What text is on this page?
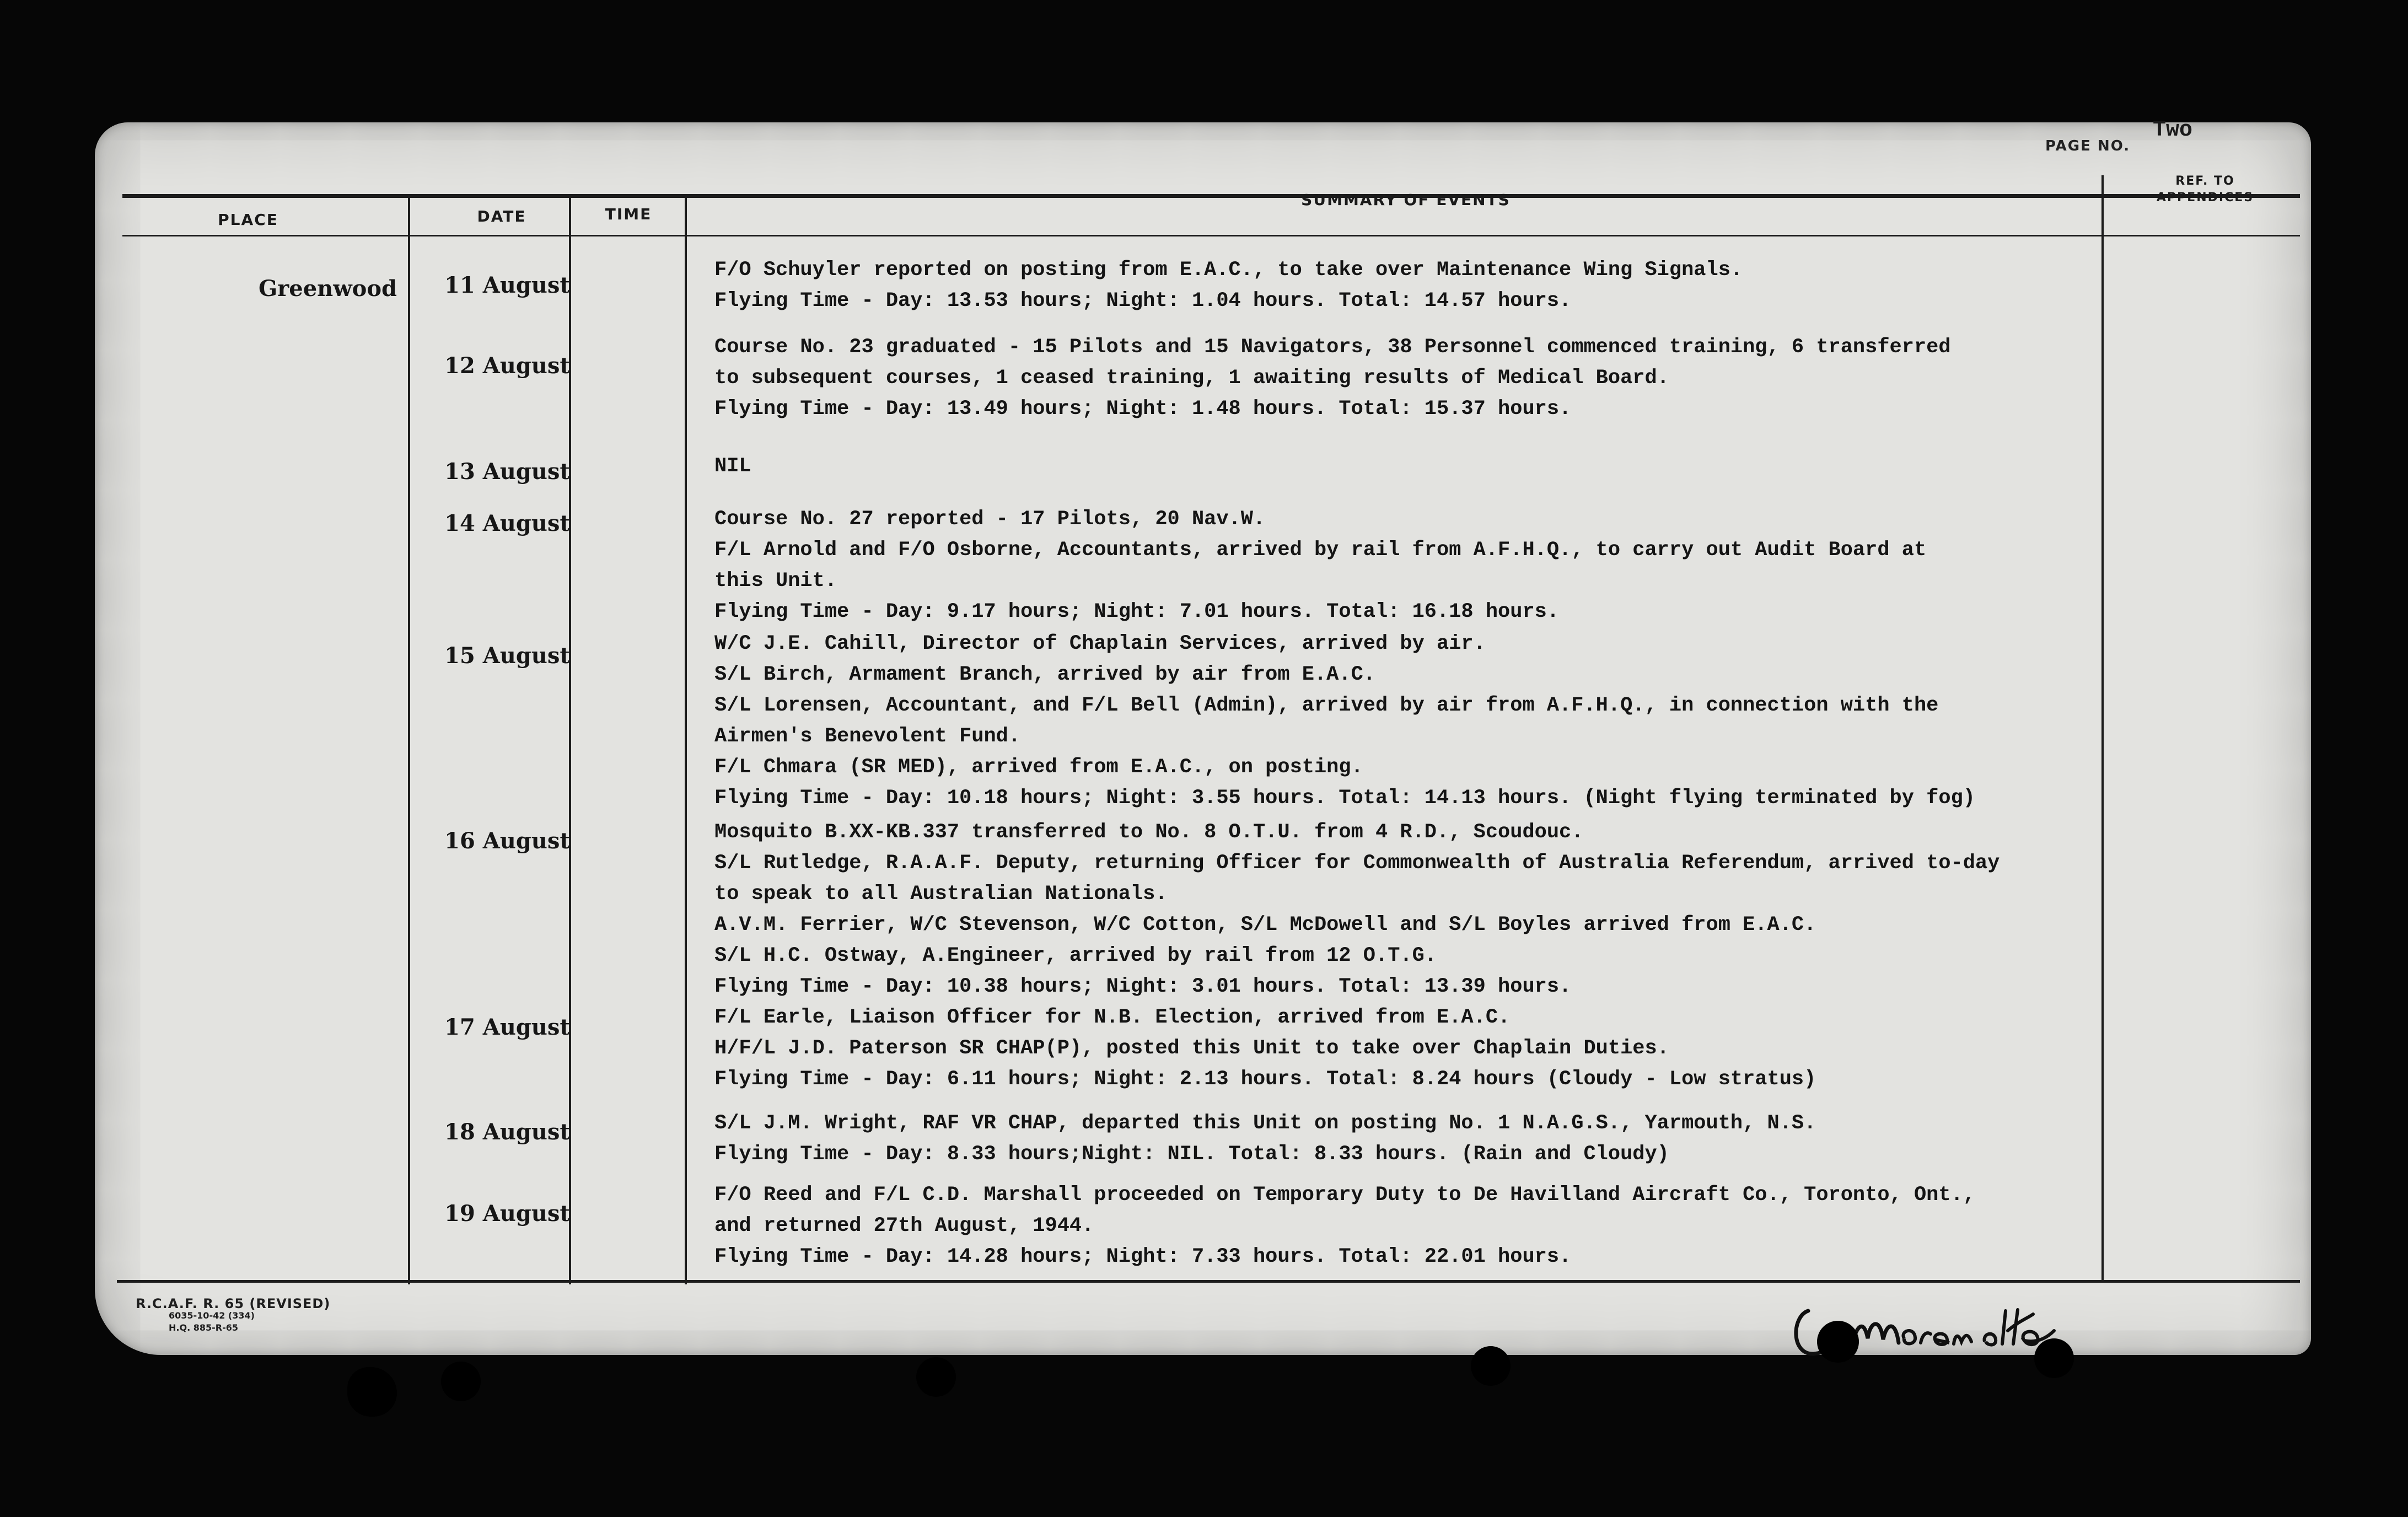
PAGE NO.
Two
PLACE	DATE	TIME
SUMMARY OF EVENTS
REF. TO
APPENDICES
Greenwood	11 August
F/O Schuyler reported on posting from E.A.C., to take over Maintenance Wing Signals.
Flying Time - Day: 13.53 hours; Night: 1.04 hours. Total: 14.57 hours.
12 August
Course No. 23 graduated - 15 Pilots and 15 Navigators, 38 Personnel commenced training, 6 transferred
to subsequent courses, 1 ceased training, 1 awaiting results of Medical Board.
Flying Time - Day: 13.49 hours; Night: 1.48 hours. Total: 15.37 hours.
13 August	NIL
14 August	Course No. 27 reported - 17 Pilots, 20 Nav.W.
F/L Arnold and F/O Osborne, Accountants, arrived by rail from A.F.H.Q., to carry out Audit Board at
this Unit.
Flying Time - Day: 9.17 hours; Night: 7.01 hours. Total: 16.18 hours.
15 August	W/C J.E. Cahill, Director of Chaplain Services, arrived by air.
S/L Birch, Armament Branch, arrived by air from E.A.C.
S/L Lorensen, Accountant, and F/L Bell (Admin), arrived by air from A.F.H.Q., in connection with the
Airmen's Benevolent Fund.
F/L Chmara (SR MED), arrived from E.A.C., on posting.
Flying Time - Day: 10.18 hours; Night: 3.55 hours. Total: 14.13 hours. (Night flying terminated by fog)
16 August	Mosquito B.XX-KB.337 transferred to No. 8 O.T.U. from 4 R.D., Scoudouc.
S/L Rutledge, R.A.A.F. Deputy, returning Officer for Commonwealth of Australia Referendum, arrived to-day
to speak to all Australian Nationals.
A.V.M. Ferrier, W/C Stevenson, W/C Cotton, S/L McDowell and S/L Boyles arrived from E.A.C.
S/L H.C. Ostway, A.Engineer, arrived by rail from 12 O.T.G.
Flying Time - Day: 10.38 hours; Night: 3.01 hours. Total: 13.39 hours.
17 August	F/L Earle, Liaison Officer for N.B. Election, arrived from E.A.C.
H/F/L J.D. Paterson SR CHAP(P), posted this Unit to take over Chaplain Duties.
Flying Time - Day: 6.11 hours; Night: 2.13 hours. Total: 8.24 hours (Cloudy - Low stratus)
18 August	S/L J.M. Wright, RAF VR CHAP, departed this Unit on posting No. 1 N.A.G.S., Yarmouth, N.S.
Flying Time - Day: 8.33 hours;Night: NIL. Total: 8.33 hours. (Rain and Cloudy)
19 August
F/O Reed and F/L C.D. Marshall proceeded on Temporary Duty to De Havilland Aircraft Co., Toronto, Ont.,
and returned 27th August, 1944.
Flying Time - Day: 14.28 hours; Night: 7.33 hours. Total: 22.01 hours.
R.C.A.F. R. 65 (REVISED)
6035-10-42 (334)
H.Q. 885-R-65
